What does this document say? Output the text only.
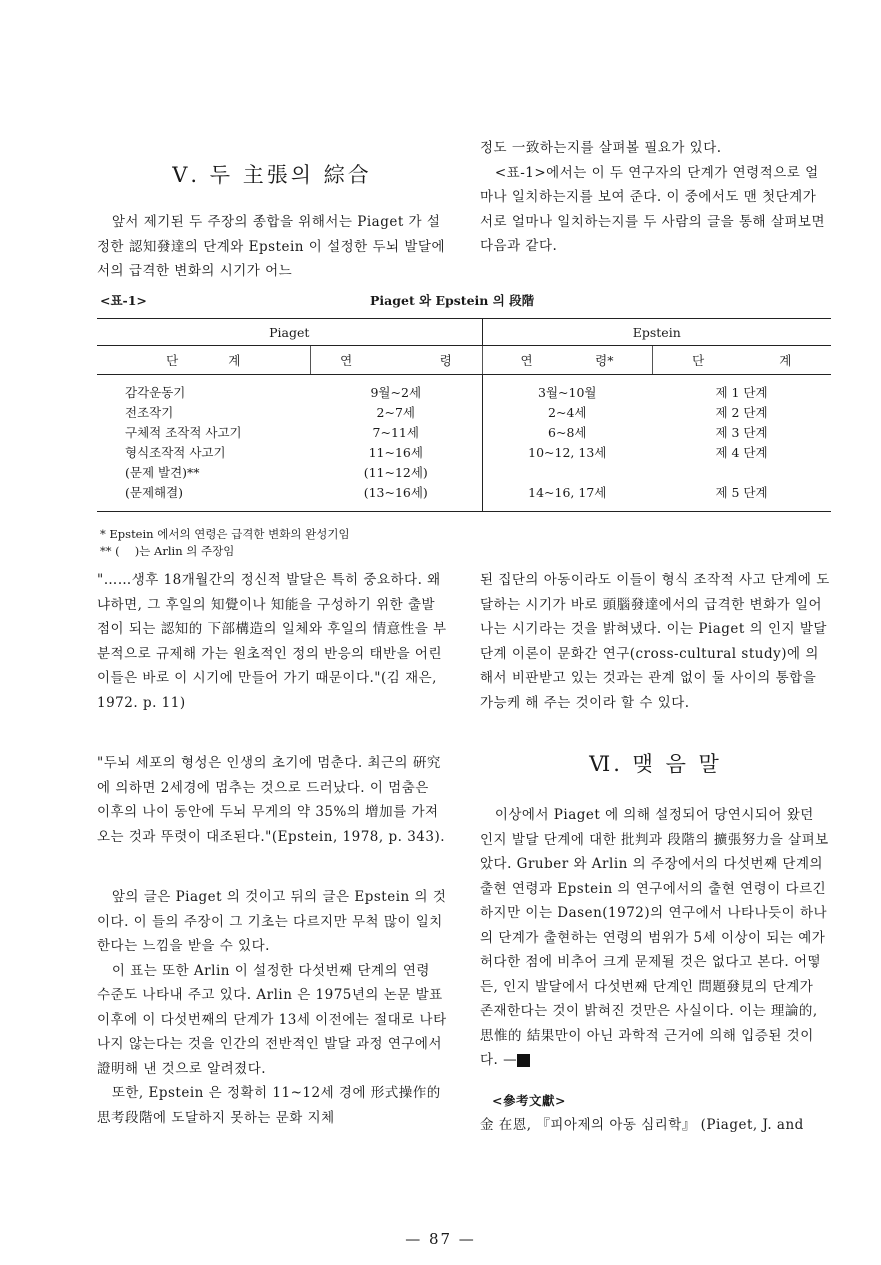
Ⅴ. 두 主張의 綜合

앞서 제기된 두 주장의 종합을 위해서는 Piaget 가 설정한 認知發達의 단계와 Epstein 이 설정한 두뇌 발달에서의 급격한 변화의 시기가 어느

정도 一致하는지를 살펴볼 필요가 있다.

<표-1>에서는 이 두 연구자의 단계가 연령적으로 얼마나 일치하는지를 보여 준다. 이 중에서도 맨 첫단계가 서로 얼마나 일치하는지를 두 사람의 글을 통해 살펴보면 다음과 같다.

<표-1>	Piaget 와 Epstein 의 段階
Piaget		Epstein	
단　　　　계	연　　　　　　　령	연　　　　　령*	단　　　　　　계
감각운동기	9월~2세	3월~10월	제 1 단계
전조작기	2~7세	2~4세	제 2 단계
구체적 조작적 사고기	7~11세	6~8세	제 3 단계
형식조작적 사고기	11~16세	10~12, 13세	제 4 단계
(문제 발견)**	(11~12세)		
(문제해결)	(13~16세)	14~16, 17세	제 5 단계
* Epstein 에서의 연령은 급격한 변화의 완성기임
** (　 )는 Arlin 의 주장임

"……생후 18개월간의 정신적 발달은 특히 중요하다. 왜냐하면, 그 후일의 知覺이나 知能을 구성하기 위한 출발점이 되는 認知的 下部構造의 일체와 후일의 情意性을 부분적으로 규제해 가는 원초적인 정의 반응의 태반을 어린이들은 바로 이 시기에 만들어 가기 때문이다."(김 재은, 1972. p. 11)

"두뇌 세포의 형성은 인생의 초기에 멈춘다. 최근의 硏究에 의하면 2세경에 멈추는 것으로 드러났다. 이 멈춤은 이후의 나이 동안에 두뇌 무게의 약 35%의 增加를 가져오는 것과 뚜렷이 대조된다."(Epstein, 1978, p. 343).

앞의 글은 Piaget 의 것이고 뒤의 글은 Epstein 의 것이다. 이 들의 주장이 그 기초는 다르지만 무척 많이 일치한다는 느낌을 받을 수 있다.

이 표는 또한 Arlin 이 설정한 다섯번째 단계의 연령 수준도 나타내 주고 있다. Arlin 은 1975년의 논문 발표 이후에 이 다섯번째의 단계가 13세 이전에는 절대로 나타나지 않는다는 것을 인간의 전반적인 발달 과정 연구에서 證明해 낸 것으로 알려졌다.

또한, Epstein 은 정확히 11~12세 경에 形式操作的 思考段階에 도달하지 못하는 문화 지체

된 집단의 아동이라도 이들이 형식 조작적 사고 단계에 도달하는 시기가 바로 頭腦發達에서의 급격한 변화가 일어나는 시기라는 것을 밝혀냈다. 이는 Piaget 의 인지 발달 단계 이론이 문화간 연구(cross-cultural study)에 의해서 비판받고 있는 것과는 관계 없이 둘 사이의 통합을 가능케 해 주는 것이라 할 수 있다.

Ⅵ. 맺 음 말

이상에서 Piaget 에 의해 설정되어 당연시되어 왔던 인지 발달 단계에 대한 批判과 段階의 擴張努力을 살펴보았다. Gruber 와 Arlin 의 주장에서의 다섯번째 단계의 출현 연령과 Epstein 의 연구에서의 출현 연령이 다르긴 하지만 이는 Dasen(1972)의 연구에서 나타나듯이 하나의 단계가 출현하는 연령의 범위가 5세 이상이 되는 예가 허다한 점에 비추어 크게 문제될 것은 없다고 본다. 어떻든, 인지 발달에서 다섯번째 단계인 問題發見의 단계가 존재한다는 것이 밝혀진 것만은 사실이다. 이는 理論的, 思惟的 結果만이 아닌 과학적 근거에 의해 입증된 것이다. — ㉿

<參考文獻>

金 在恩, 『피아제의 아동 심리학』 (Piaget, J. and

— 87 —
